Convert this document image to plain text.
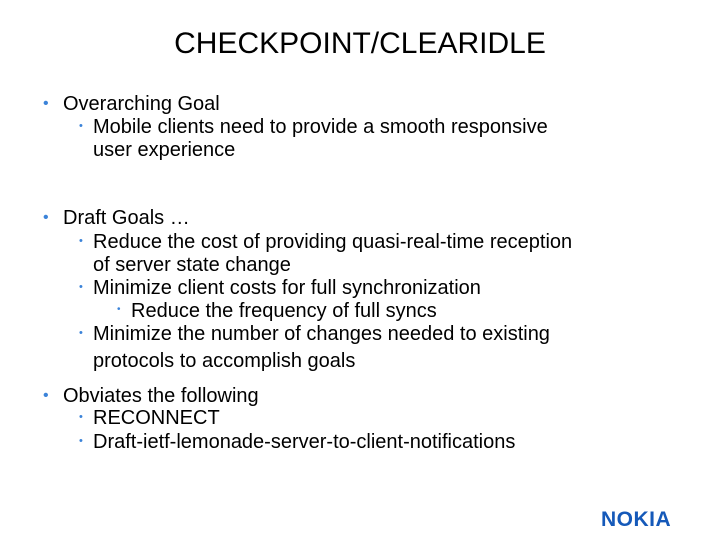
CHECKPOINT/CLEARIDLE
• Overarching Goal
• Mobile clients need to provide a smooth responsive
user experience
• Draft Goals …
• Reduce the cost of providing quasi-real-time reception
of server state change
• Minimize client costs for full synchronization
• Reduce the frequency of full syncs
• Minimize the number of changes needed to existing
protocols to accomplish goals
• Obviates the following
• RECONNECT
• Draft-ietf-lemonade-server-to-client-notifications
NOKIA
